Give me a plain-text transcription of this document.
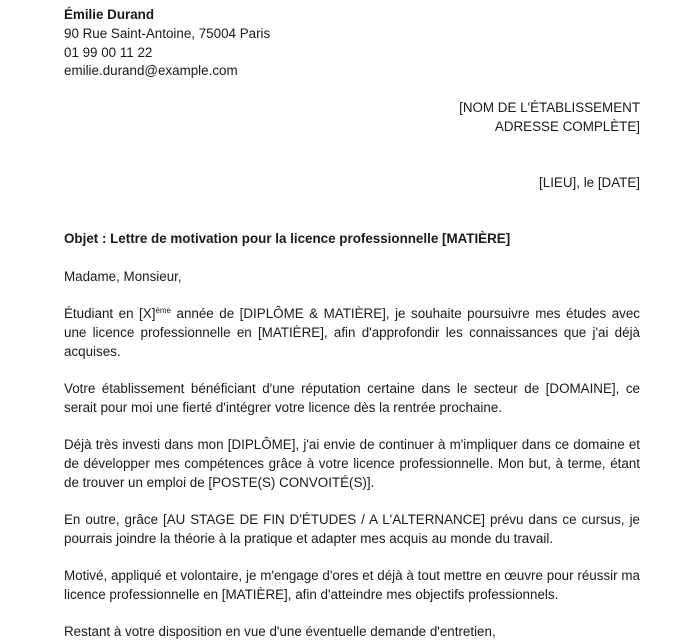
Émilie Durand
90 Rue Saint-Antoine, 75004 Paris
01 99 00 11 22
emilie.durand@example.com
[NOM DE L'ÉTABLISSEMENT
ADRESSE COMPLÈTE]
[LIEU], le [DATE]
Objet : Lettre de motivation pour la licence professionnelle [MATIÈRE]
Madame, Monsieur,
Étudiant en $[X]^{ème}$ année de [DIPLÔME & MATIÈRE], je souhaite poursuivre mes études avec une licence professionnelle en [MATIÈRE], afin d'approfondir les connaissances que j'ai déjà acquises.
Votre établissement bénéficiant d'une réputation certaine dans le secteur de [DOMAINE], ce serait pour moi une fierté d'intégrer votre licence dès la rentrée prochaine.
Déjà très investi dans mon [DIPLÔME], j'ai envie de continuer à m'impliquer dans ce domaine et de développer mes compétences grâce à votre licence professionnelle. Mon but, à terme, étant de trouver un emploi de [POSTE(S) CONVOITÉ(S)].
En outre, grâce [AU STAGE DE FIN D'ÉTUDES / A L'ALTERNANCE] prévu dans ce cursus, je pourrais joindre la théorie à la pratique et adapter mes acquis au monde du travail.
Motivé, appliqué et volontaire, je m'engage d'ores et déjà à tout mettre en œuvre pour réussir ma licence professionnelle en [MATIÈRE], afin d'atteindre mes objectifs professionnels.
Restant à votre disposition en vue d'une éventuelle demande d'entretien,
